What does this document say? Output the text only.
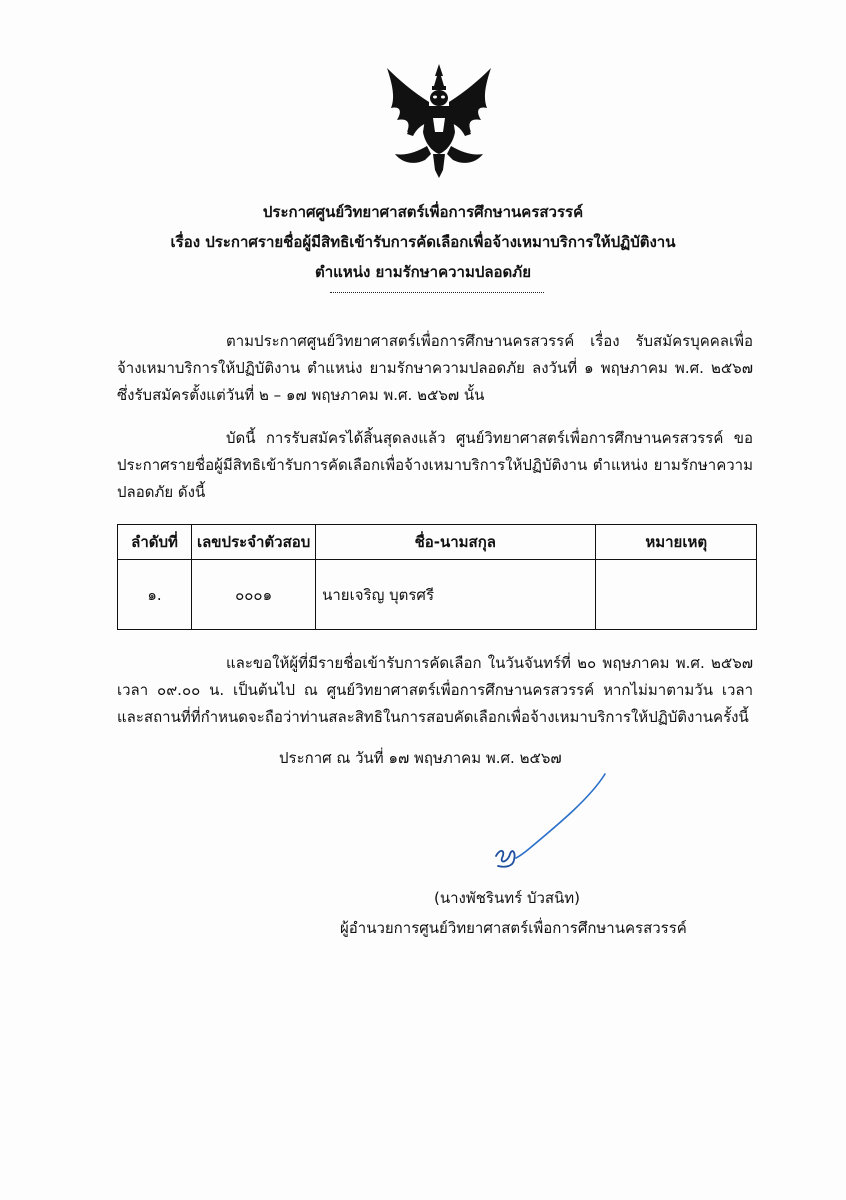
ประกาศศูนย์วิทยาศาสตร์เพื่อการศึกษานครสวรรค์
เรื่อง ประกาศรายชื่อผู้มีสิทธิเข้ารับการคัดเลือกเพื่อจ้างเหมาบริการให้ปฏิบัติงาน
ตำแหน่ง ยามรักษาความปลอดภัย
ตามประกาศศูนย์วิทยาศาสตร์เพื่อการศึกษานครสวรรค์ เรื่อง รับสมัครบุคคลเพื่อจ้างเหมาบริการให้ปฏิบัติงาน ตำแหน่ง ยามรักษาความปลอดภัย ลงวันที่ ๑ พฤษภาคม พ.ศ. ๒๕๖๗ ซึ่งรับสมัครตั้งแต่วันที่ ๒ – ๑๗ พฤษภาคม พ.ศ. ๒๕๖๗ นั้น
บัดนี้ การรับสมัครได้สิ้นสุดลงแล้ว ศูนย์วิทยาศาสตร์เพื่อการศึกษานครสวรรค์ ขอประกาศรายชื่อผู้มีสิทธิเข้ารับการคัดเลือกเพื่อจ้างเหมาบริการให้ปฏิบัติงาน ตำแหน่ง ยามรักษาความปลอดภัย ดังนี้
ลำดับที่	เลขประจำตัวสอบ	ชื่อ-นามสกุล	หมายเหตุ
๑.	๐๐๐๑	นายเจริญ บุตรศรี	
และขอให้ผู้ที่มีรายชื่อเข้ารับการคัดเลือก ในวันจันทร์ที่ ๒๐ พฤษภาคม พ.ศ. ๒๕๖๗ เวลา ๐๙.๐๐ น. เป็นต้นไป ณ ศูนย์วิทยาศาสตร์เพื่อการศึกษานครสวรรค์ หากไม่มาตามวัน เวลา และสถานที่ที่กำหนดจะถือว่าท่านสละสิทธิในการสอบคัดเลือกเพื่อจ้างเหมาบริการให้ปฏิบัติงานครั้งนี้
ประกาศ ณ วันที่ ๑๗ พฤษภาคม พ.ศ. ๒๕๖๗
(นางพัชรินทร์ บัวสนิท)
ผู้อำนวยการศูนย์วิทยาศาสตร์เพื่อการศึกษานครสวรรค์
